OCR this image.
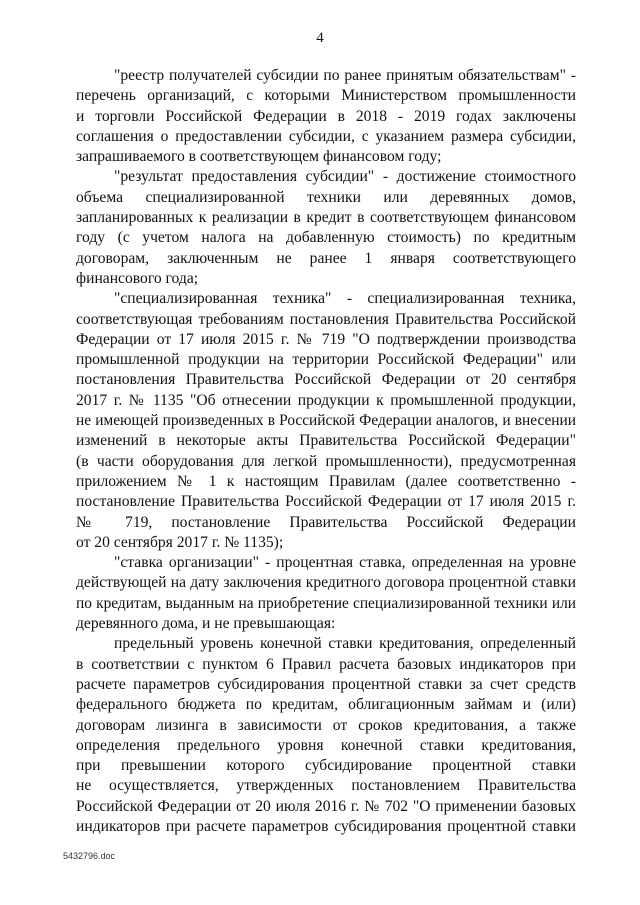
4
"реестр получателей субсидии по ранее принятым обязательствам" -
перечень организаций, с которыми Министерством промышленности
и торговли Российской Федерации в 2018 - 2019 годах заключены
соглашения о предоставлении субсидии, с указанием размера субсидии,
запрашиваемого в соответствующем финансовом году;
"результат предоставления субсидии" - достижение стоимостного
объема специализированной техники или деревянных домов,
запланированных к реализации в кредит в соответствующем финансовом
году (с учетом налога на добавленную стоимость) по кредитным
договорам, заключенным не ранее 1 января соответствующего
финансового года;
"специализированная техника" - специализированная техника,
соответствующая требованиям постановления Правительства Российской
Федерации от 17 июля 2015 г. № 719 "О подтверждении производства
промышленной продукции на территории Российской Федерации" или
постановления Правительства Российской Федерации от 20 сентября
2017 г. № 1135 "Об отнесении продукции к промышленной продукции,
не имеющей произведенных в Российской Федерации аналогов, и внесении
изменений в некоторые акты Правительства Российской Федерации"
(в части оборудования для легкой промышленности), предусмотренная
приложением № 1 к настоящим Правилам (далее соответственно -
постановление Правительства Российской Федерации от 17 июля 2015 г.
№ 719, постановление Правительства Российской Федерации
от 20 сентября 2017 г. № 1135);
"ставка организации" - процентная ставка, определенная на уровне
действующей на дату заключения кредитного договора процентной ставки
по кредитам, выданным на приобретение специализированной техники или
деревянного дома, и не превышающая:
предельный уровень конечной ставки кредитования, определенный
в соответствии с пунктом 6 Правил расчета базовых индикаторов при
расчете параметров субсидирования процентной ставки за счет средств
федерального бюджета по кредитам, облигационным займам и (или)
договорам лизинга в зависимости от сроков кредитования, а также
определения предельного уровня конечной ставки кредитования,
при превышении которого субсидирование процентной ставки
не осуществляется, утвержденных постановлением Правительства
Российской Федерации от 20 июля 2016 г. № 702 "О применении базовых
индикаторов при расчете параметров субсидирования процентной ставки
5432796.doc
